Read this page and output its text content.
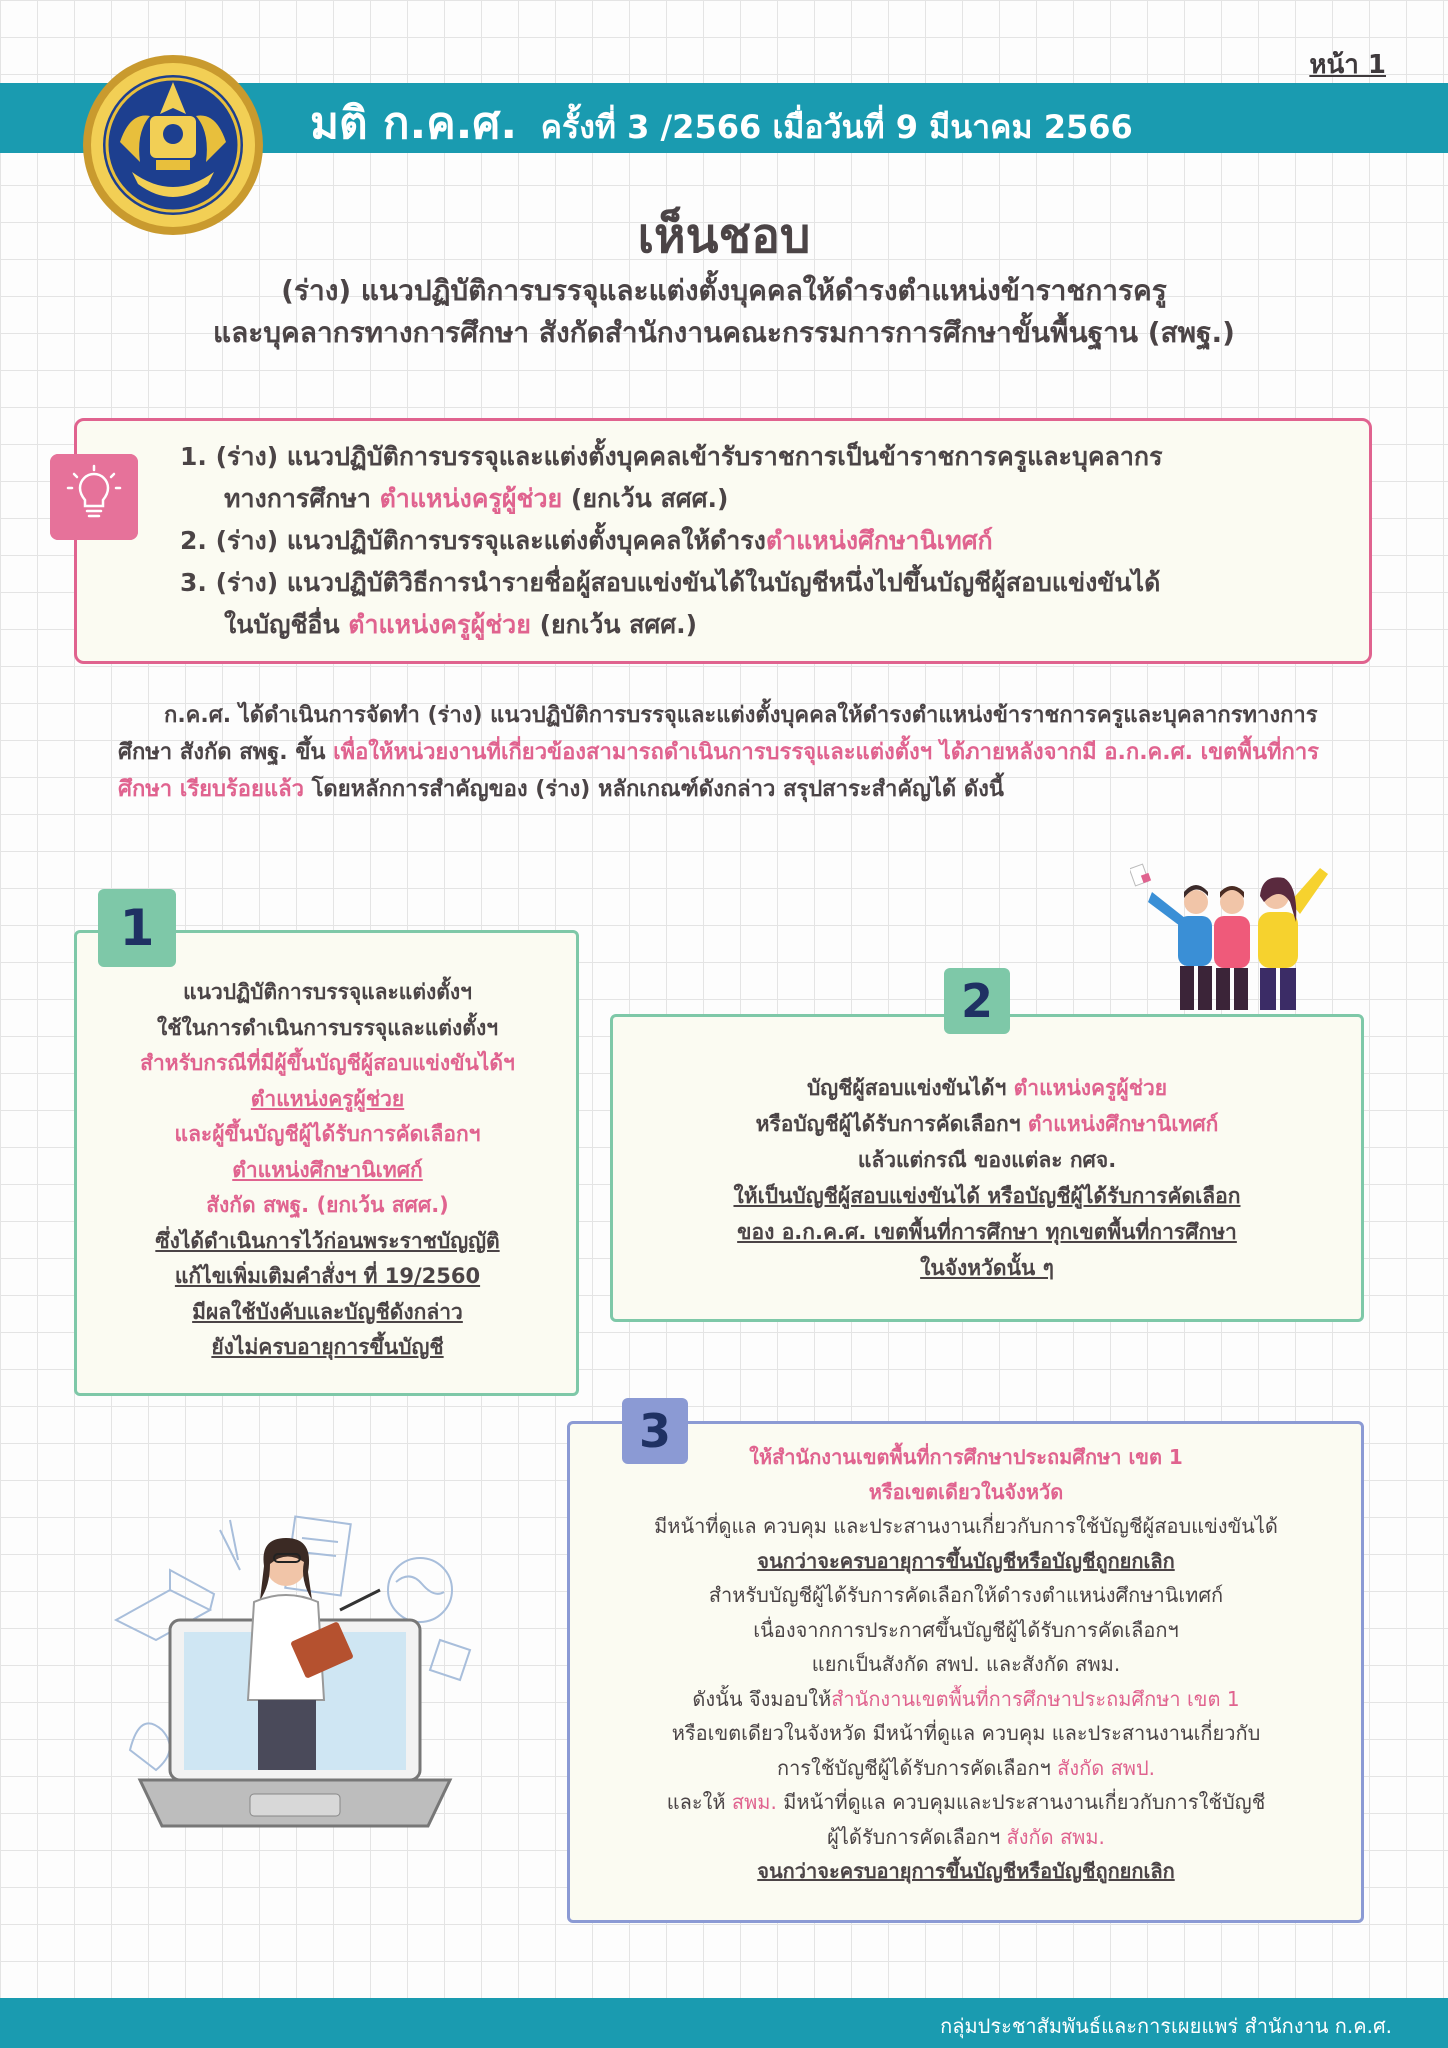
หน้า 1
มติ ก.ค.ศ. ครั้งที่ 3 /2566 เมื่อวันที่ 9 มีนาคม 2566
เห็นชอบ
(ร่าง) แนวปฏิบัติการบรรจุและแต่งตั้งบุคคลให้ดำรงตำแหน่งข้าราชการครู
และบุคลากรทางการศึกษา สังกัดสำนักงานคณะกรรมการการศึกษาขั้นพื้นฐาน (สพฐ.)
1. (ร่าง) แนวปฏิบัติการบรรจุและแต่งตั้งบุคคลเข้ารับราชการเป็นข้าราชการครูและบุคลากร
ทางการศึกษา ตำแหน่งครูผู้ช่วย (ยกเว้น สศศ.)
2. (ร่าง) แนวปฏิบัติการบรรจุและแต่งตั้งบุคคลให้ดำรงตำแหน่งศึกษานิเทศก์
3. (ร่าง) แนวปฏิบัติวิธีการนำรายชื่อผู้สอบแข่งขันได้ในบัญชีหนึ่งไปขึ้นบัญชีผู้สอบแข่งขันได้
ในบัญชีอื่น ตำแหน่งครูผู้ช่วย (ยกเว้น สศศ.)
ก.ค.ศ. ได้ดำเนินการจัดทำ (ร่าง) แนวปฏิบัติการบรรจุและแต่งตั้งบุคคลให้ดำรงตำแหน่งข้าราชการครูและบุคลากรทางการศึกษา สังกัด สพฐ. ขึ้น เพื่อให้หน่วยงานที่เกี่ยวข้องสามารถดำเนินการบรรจุและแต่งตั้งฯ ได้ภายหลังจากมี อ.ก.ค.ศ. เขตพื้นที่การศึกษา เรียบร้อยแล้ว โดยหลักการสำคัญของ (ร่าง) หลักเกณฑ์ดังกล่าว สรุปสาระสำคัญได้ ดังนี้
1
แนวปฏิบัติการบรรจุและแต่งตั้งฯ
ใช้ในการดำเนินการบรรจุและแต่งตั้งฯ
สำหรับกรณีที่มีผู้ขึ้นบัญชีผู้สอบแข่งขันได้ฯ
ตำแหน่งครูผู้ช่วย
และผู้ขึ้นบัญชีผู้ได้รับการคัดเลือกฯ
ตำแหน่งศึกษานิเทศก์
สังกัด สพฐ. (ยกเว้น สศศ.)
ซึ่งได้ดำเนินการไว้ก่อนพระราชบัญญัติ
แก้ไขเพิ่มเติมคำสั่งฯ ที่ 19/2560
มีผลใช้บังคับและบัญชีดังกล่าว
ยังไม่ครบอายุการขึ้นบัญชี
2
บัญชีผู้สอบแข่งขันได้ฯ ตำแหน่งครูผู้ช่วย
หรือบัญชีผู้ได้รับการคัดเลือกฯ ตำแหน่งศึกษานิเทศก์
แล้วแต่กรณี ของแต่ละ กศจ.
ให้เป็นบัญชีผู้สอบแข่งขันได้ หรือบัญชีผู้ได้รับการคัดเลือก
ของ อ.ก.ค.ศ. เขตพื้นที่การศึกษา ทุกเขตพื้นที่การศึกษา
ในจังหวัดนั้น ๆ
3	ให้สำนักงานเขตพื้นที่การศึกษาประถมศึกษา เขต 1
หรือเขตเดียวในจังหวัด
มีหน้าที่ดูแล ควบคุม และประสานงานเกี่ยวกับการใช้บัญชีผู้สอบแข่งขันได้
จนกว่าจะครบอายุการขึ้นบัญชีหรือบัญชีถูกยกเลิก
สำหรับบัญชีผู้ได้รับการคัดเลือกให้ดำรงตำแหน่งศึกษานิเทศก์
เนื่องจากการประกาศขึ้นบัญชีผู้ได้รับการคัดเลือกฯ
แยกเป็นสังกัด สพป. และสังกัด สพม.
ดังนั้น จึงมอบให้สำนักงานเขตพื้นที่การศึกษาประถมศึกษา เขต 1
หรือเขตเดียวในจังหวัด มีหน้าที่ดูแล ควบคุม และประสานงานเกี่ยวกับ
การใช้บัญชีผู้ได้รับการคัดเลือกฯ สังกัด สพป.
และให้ สพม. มีหน้าที่ดูแล ควบคุมและประสานงานเกี่ยวกับการใช้บัญชี
ผู้ได้รับการคัดเลือกฯ สังกัด สพม.
จนกว่าจะครบอายุการขึ้นบัญชีหรือบัญชีถูกยกเลิก
กลุ่มประชาสัมพันธ์และการเผยแพร่ สำนักงาน ก.ค.ศ.
